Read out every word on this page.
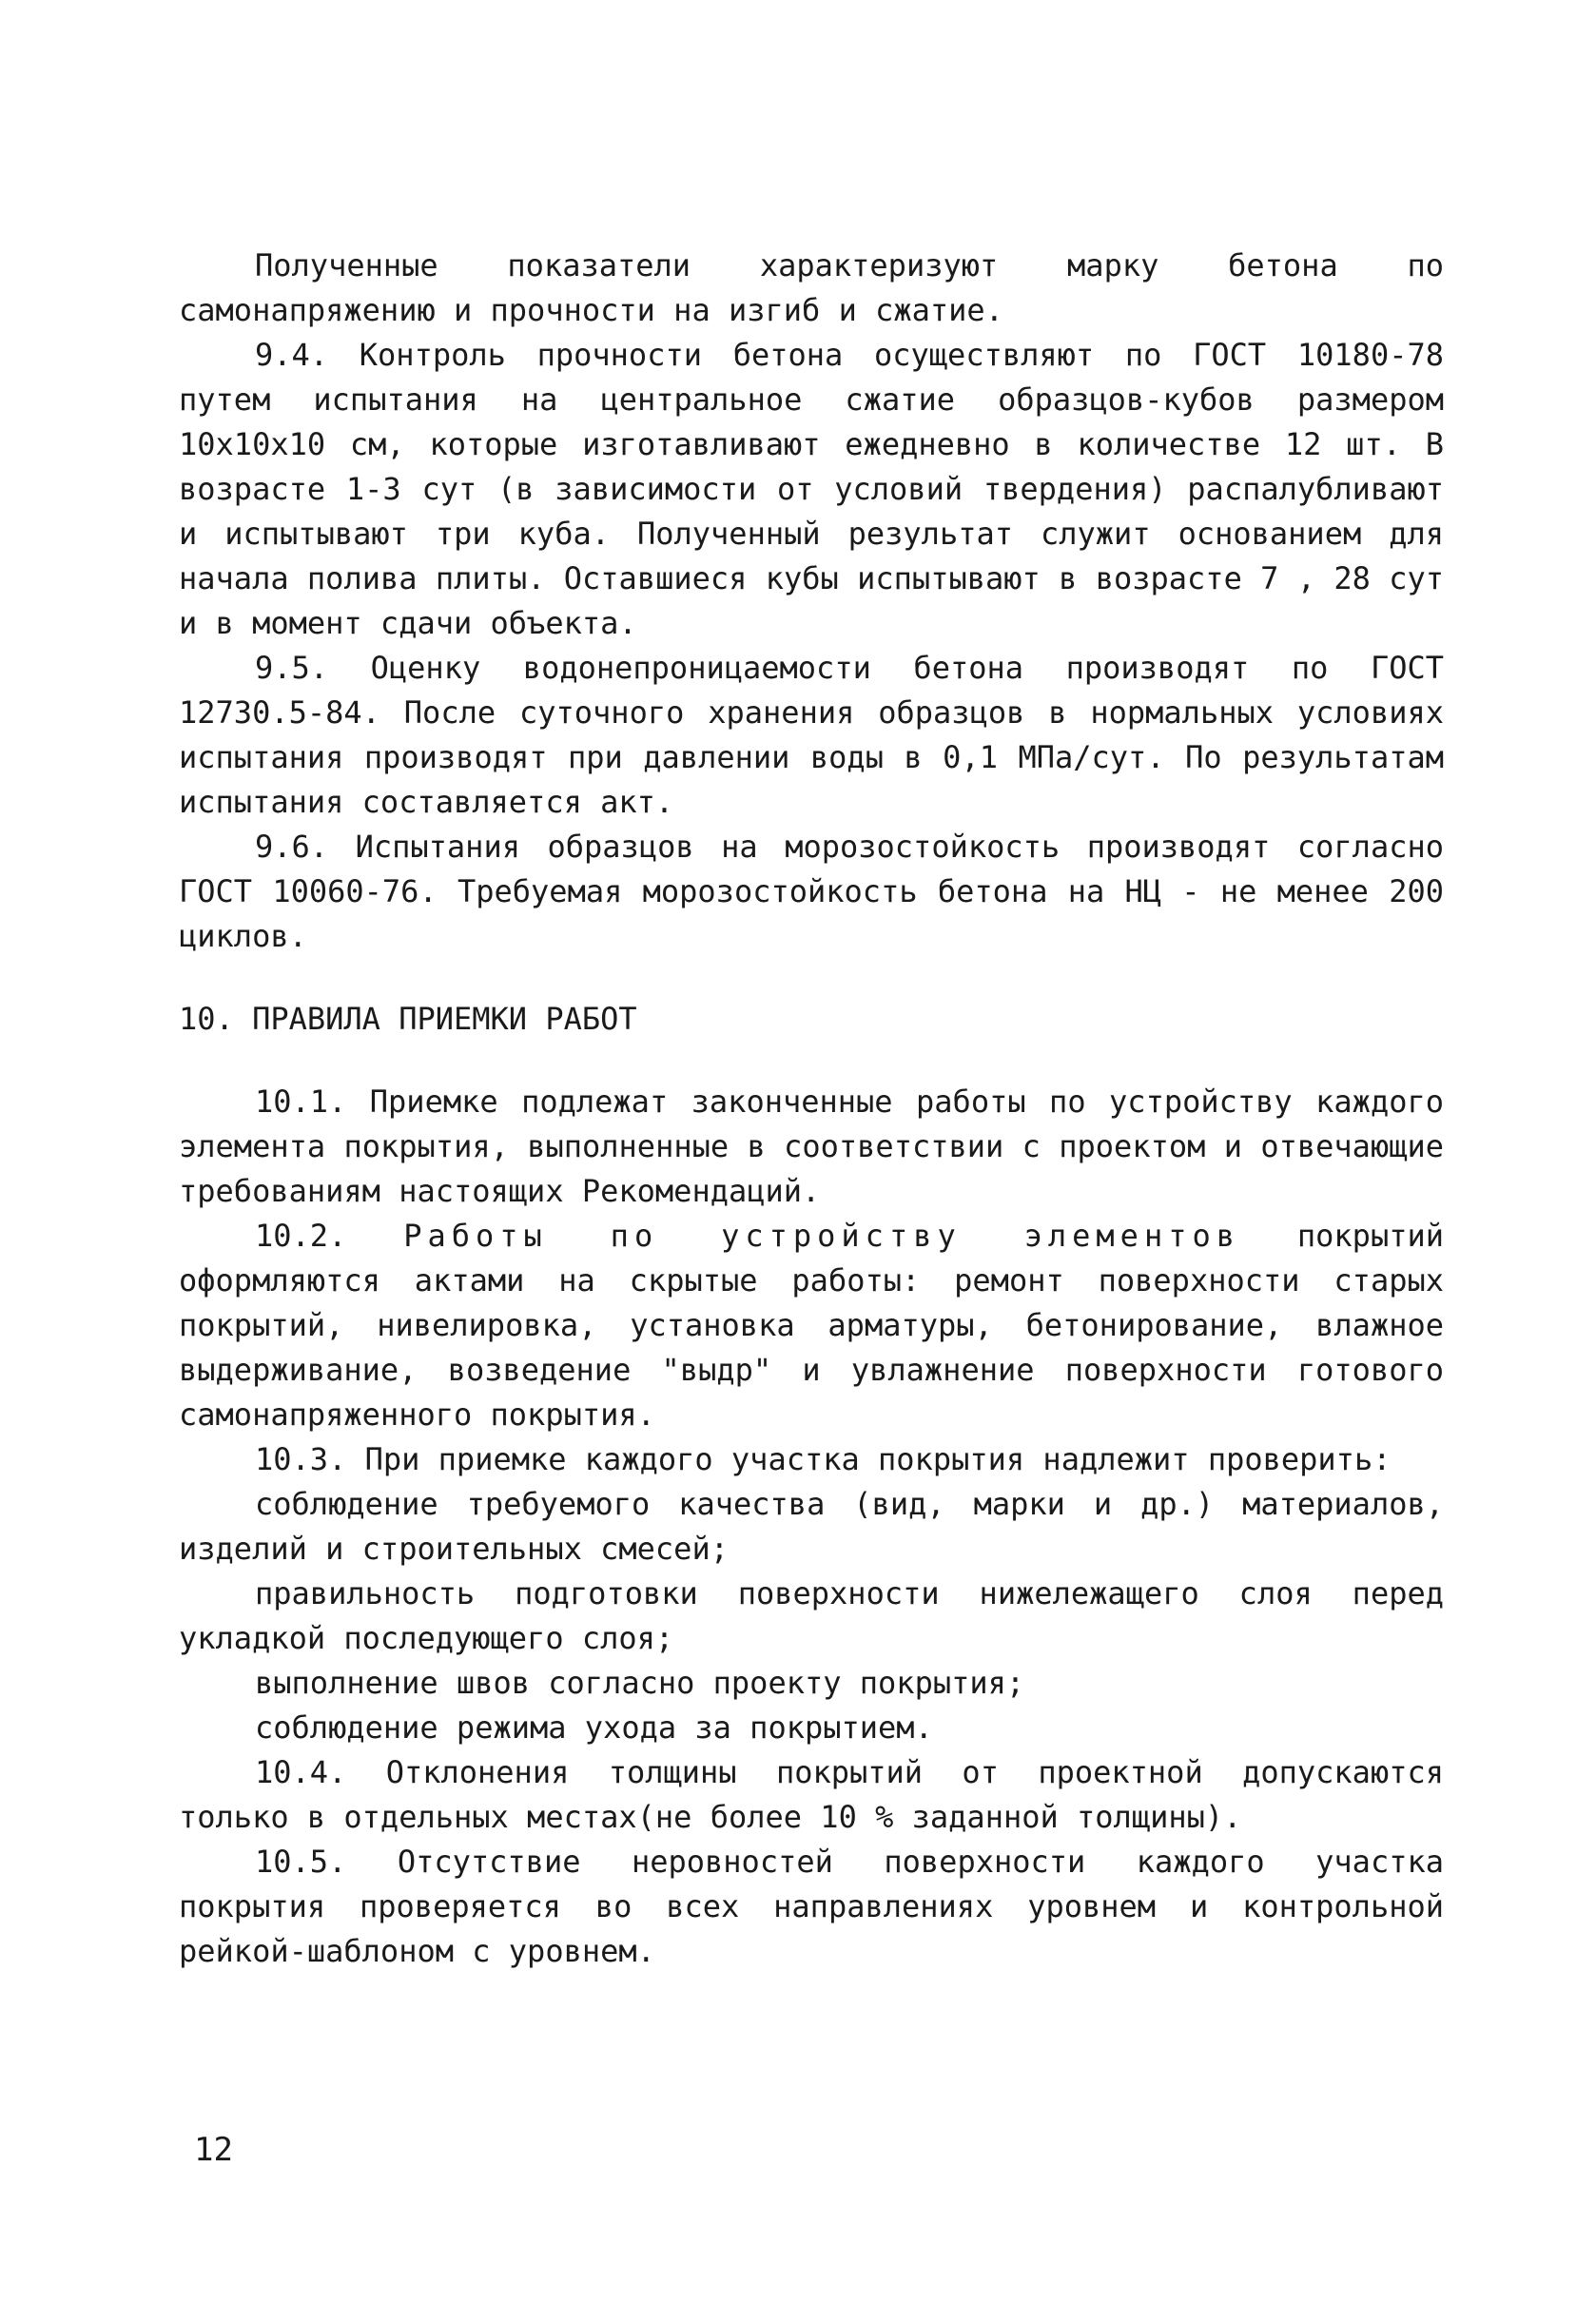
Полученные показатели характеризуют марку бетона по самонапряжению и прочности на изгиб и сжатие.

9.4. Контроль прочности бетона осуществляют по ГОСТ 10180-78 путем испытания на центральное сжатие образцов-кубов размером 10х10х10 см, которые изготавливают ежедневно в количестве 12 шт. В возрасте 1-3 сут (в зависимости от условий твердения) распалубливают и испытывают три куба. Полученный результат служит основанием для начала полива плиты. Оставшиеся кубы испытывают в возрасте 7 , 28 сут и в момент сдачи объекта.

9.5. Оценку водонепроницаемости бетона производят по ГОСТ 12730.5-84. После суточного хранения образцов в нормальных условиях испытания производят при давлении воды в 0,1 МПа/сут. По результатам испытания составляется акт.

9.6. Испытания образцов на морозостойкость производят согласно ГОСТ 10060-76. Требуемая морозостойкость бетона на НЦ - не менее 200 циклов.

10. ПРАВИЛА ПРИЕМКИ РАБОТ

10.1. Приемке подлежат законченные работы по устройству каждого элемента покрытия, выполненные в соответствии с проектом и отвечающие требованиям настоящих Рекомендаций.

10.2. Работы по устройству элементов покрытий оформляются актами на скрытые работы: ремонт поверхности старых покрытий, нивелировка, установка арматуры, бетонирование, влажное выдерживание, возведение "выдр" и увлажнение поверхности готового самонапряженного покрытия.

10.3. При приемке каждого участка покрытия надлежит проверить:

соблюдение требуемого качества (вид, марки и др.) материалов, изделий и строительных смесей;

правильность подготовки поверхности нижележащего слоя перед укладкой последующего слоя;

выполнение швов согласно проекту покрытия;

соблюдение режима ухода за покрытием.

10.4. Отклонения толщины покрытий от проектной допускаются только в отдельных местах(не более 10 % заданной толщины).

10.5. Отсутствие неровностей поверхности каждого участка покрытия проверяется во всех направлениях уровнем и контрольной рейкой-шаблоном с уровнем.

12
